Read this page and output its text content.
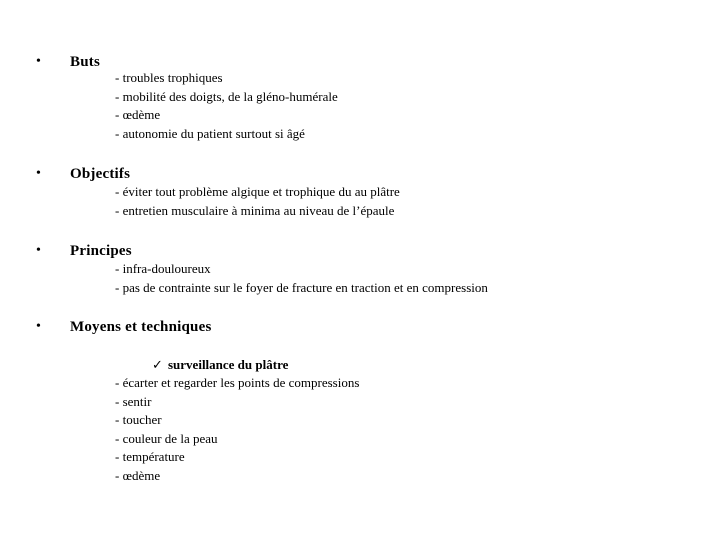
• Buts
- troubles trophiques
- mobilité des doigts, de la gléno-humérale
- œdème
- autonomie du patient surtout si âgé
• Objectifs
- éviter tout problème algique et trophique du au plâtre
- entretien musculaire à minima au niveau de l’épaule
• Principes
- infra-douloureux
- pas de contrainte sur le foyer de fracture en traction et en compression
• Moyens et techniques
✓ surveillance du plâtre
- écarter et regarder les points de compressions
- sentir
- toucher
- couleur de la peau
- température
- œdème
